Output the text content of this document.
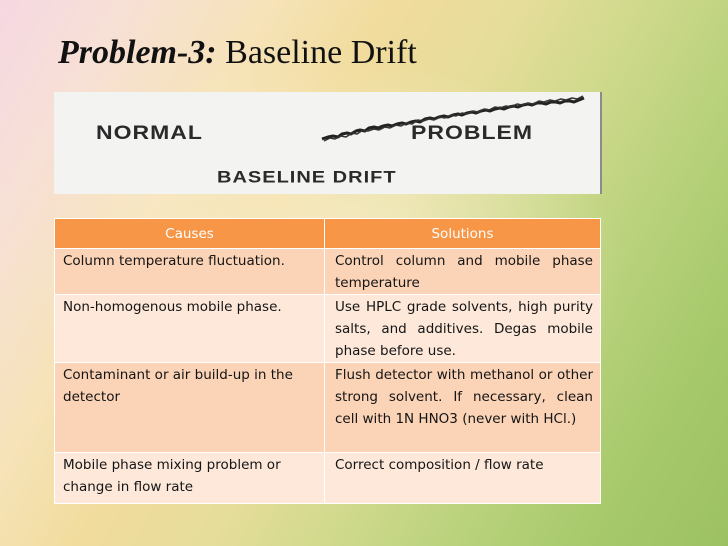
Problem-3: Baseline Drift
NORMAL	PROBLEM
BASELINE DRIFT
Causes	Solutions
Column temperature fluctuation.	Control column and mobile phase temperature
Non-homogenous mobile phase.	Use HPLC grade solvents, high purity salts, and additives. Degas mobile phase before use.
Contaminant or air build-up in the detector	Flush detector with methanol or other strong solvent. If necessary, clean cell with 1N HNO3 (never with HCl.)
Mobile phase mixing problem or change in flow rate	Correct composition / flow rate
